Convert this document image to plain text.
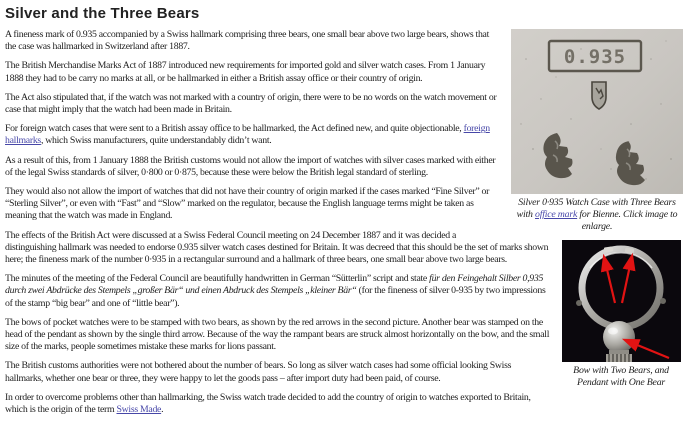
Silver and the Three Bears
0.935
Silver 0·935 Watch Case with Three Bears with office mark for Bienne. Click image to enlarge.
Bow with Two Bears, and Pendant with One Bear

A fineness mark of 0.935 accompanied by a Swiss hallmark comprising three bears, one small bear above two large bears, shows that the case was hallmarked in Switzerland after 1887.

The British Merchandise Marks Act of 1887 introduced new requirements for imported gold and silver watch cases. From 1 January 1888 they had to be carry no marks at all, or be hallmarked in either a British assay office or their country of origin.

The Act also stipulated that, if the watch was not marked with a country of origin, there were to be no words on the watch movement or case that might imply that the watch had been made in Britain.

For foreign watch cases that were sent to a British assay office to be hallmarked, the Act defined new, and quite objectionable, foreign hallmarks, which Swiss manufacturers, quite understandably didn’t want.

As a result of this, from 1 January 1888 the British customs would not allow the import of watches with silver cases marked with either of the legal Swiss standards of silver, 0·800 or 0·875, because these were below the British legal standard of sterling.

They would also not allow the import of watches that did not have their country of origin marked if the cases marked “Fine Silver” or “Sterling Silver”, or even with “Fast” and “Slow” marked on the regulator, because the English language terms might be taken as meaning that the watch was made in England.

The effects of the British Act were discussed at a Swiss Federal Council meeting on 24 December 1887 and it was decided a distinguishing hallmark was needed to endorse 0.935 silver watch cases destined for Britain. It was decreed that this should be the set of marks shown here; the fineness mark of the number 0·935 in a rectangular surround and a hallmark of three bears, one small bear above two large bears.

The minutes of the meeting of the Federal Council are beautifully handwritten in German “Sütterlin” script and state für den Feingehalt Silber 0,935 durch zwei Abdrücke des Stempels „großer Bär“ und einen Abdruck des Stempels „kleiner Bär“ (for the fineness of silver 0-935 by two impressions of the stamp “big bear” and one of “little bear”).

The bows of pocket watches were to be stamped with two bears, as shown by the red arrows in the second picture. Another bear was stamped on the head of the pendant as shown by the single third arrow. Because of the way the rampant bears are struck almost horizontally on the bow, and the small size of the marks, people sometimes mistake these marks for lions passant.

The British customs authorities were not bothered about the number of bears. So long as silver watch cases had some official looking Swiss hallmarks, whether one bear or three, they were happy to let the goods pass – after import duty had been paid, of course.

In order to overcome problems other than hallmarking, the Swiss watch trade decided to add the country of origin to watches exported to Britain, which is the origin of the term Swiss Made.
